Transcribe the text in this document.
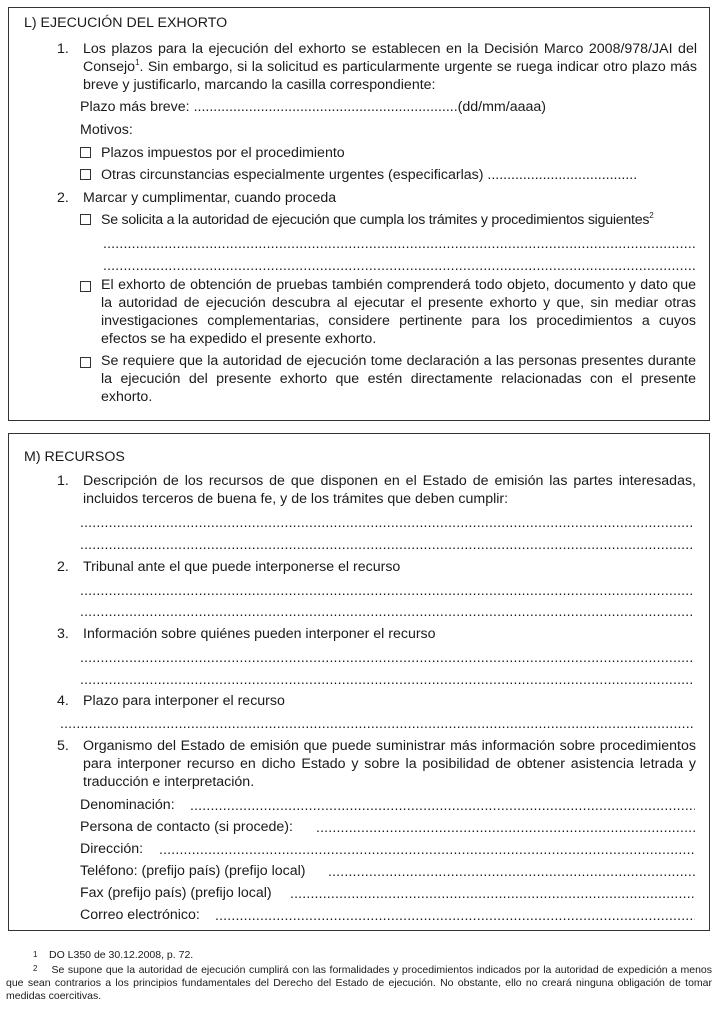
L) EJECUCIÓN DEL EXHORTO
1. Los plazos para la ejecución del exhorto se establecen en la Decisión Marco 2008/978/JAI del Consejo$^1$. Sin embargo, si la solicitud es particularmente urgente se ruega indicar otro plazo más breve y justificarlo, marcando la casilla correspondiente:
Plazo más breve: ...................................................................(dd/mm/aaaa)
Motivos:
Plazos impuestos por el procedimiento
Otras circunstancias especialmente urgentes (especificarlas) ......................................
2. Marcar y cumplimentar, cuando proceda
Se solicita a la autoridad de ejecución que cumpla los trámites y procedimientos siguientes$^2$
.....
.....
El exhorto de obtención de pruebas también comprenderá todo objeto, documento y dato que la autoridad de ejecución descubra al ejecutar el presente exhorto y que, sin mediar otras investigaciones complementarias, considere pertinente para los procedimientos a cuyos efectos se ha expedido el presente exhorto.
Se requiere que la autoridad de ejecución tome declaración a las personas presentes durante la ejecución del presente exhorto que estén directamente relacionadas con el presente exhorto.
M) RECURSOS
1. Descripción de los recursos de que disponen en el Estado de emisión las partes interesadas, incluidos terceros de buena fe, y de los trámites que deben cumplir:
.....
.....
2. Tribunal ante el que puede interponerse el recurso
.....
.....
3. Información sobre quiénes pueden interponer el recurso
.....
.....
4. Plazo para interponer el recurso
.....
5. Organismo del Estado de emisión que puede suministrar más información sobre procedimientos para interponer recurso en dicho Estado y sobre la posibilidad de obtener asistencia letrada y traducción e interpretación.
Denominación:
.....
Persona de contacto (si procede):
.....
Dirección:
.....
Teléfono: (prefijo país) (prefijo local)
.....
Fax (prefijo país) (prefijo local)
.....
Correo electrónico:
.....
1 DO L350 de 30.12.2008, p. 72.
2 Se supone que la autoridad de ejecución cumplirá con las formalidades y procedimientos indicados por la autoridad de expedición a menos que sean contrarios a los principios fundamentales del Derecho del Estado de ejecución. No obstante, ello no creará ninguna obligación de tomar medidas coercitivas.
